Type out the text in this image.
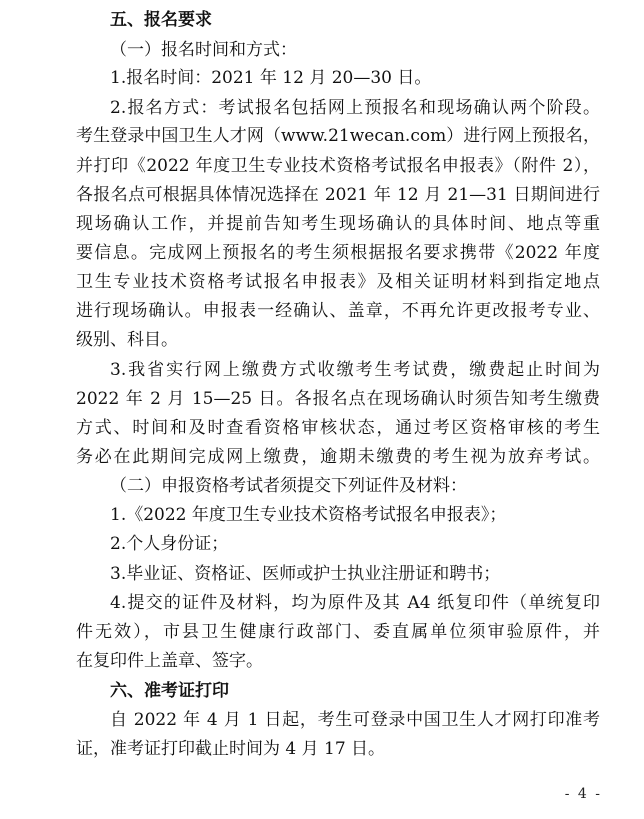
五、报名要求
（一）报名时间和方式：
1.报名时间：2021 年 12 月 20—30 日。
2.报名方式：考试报名包括网上预报名和现场确认两个阶段。
考生登录中国卫生人才网（www.21wecan.com）进行网上预报名，
并打印《2022 年度卫生专业技术资格考试报名申报表》（附件 2），
各报名点可根据具体情况选择在 2021 年 12 月 21—31 日期间进行
现场确认工作，并提前告知考生现场确认的具体时间、地点等重
要信息。完成网上预报名的考生须根据报名要求携带《2022 年度
卫生专业技术资格考试报名申报表》及相关证明材料到指定地点
进行现场确认。申报表一经确认、盖章，不再允许更改报考专业、
级别、科目。
3.我省实行网上缴费方式收缴考生考试费，缴费起止时间为
2022 年 2 月 15—25 日。各报名点在现场确认时须告知考生缴费
方式、时间和及时查看资格审核状态，通过考区资格审核的考生
务必在此期间完成网上缴费，逾期未缴费的考生视为放弃考试。
（二）申报资格考试者须提交下列证件及材料：
1.《2022 年度卫生专业技术资格考试报名申报表》；
2.个人身份证；
3.毕业证、资格证、医师或护士执业注册证和聘书；
4.提交的证件及材料，均为原件及其 A4 纸复印件（单统复印
件无效），市县卫生健康行政部门、委直属单位须审验原件，并
在复印件上盖章、签字。
六、准考证打印
自 2022 年 4 月 1 日起，考生可登录中国卫生人才网打印准考
证，准考证打印截止时间为 4 月 17 日。
- 4 -
